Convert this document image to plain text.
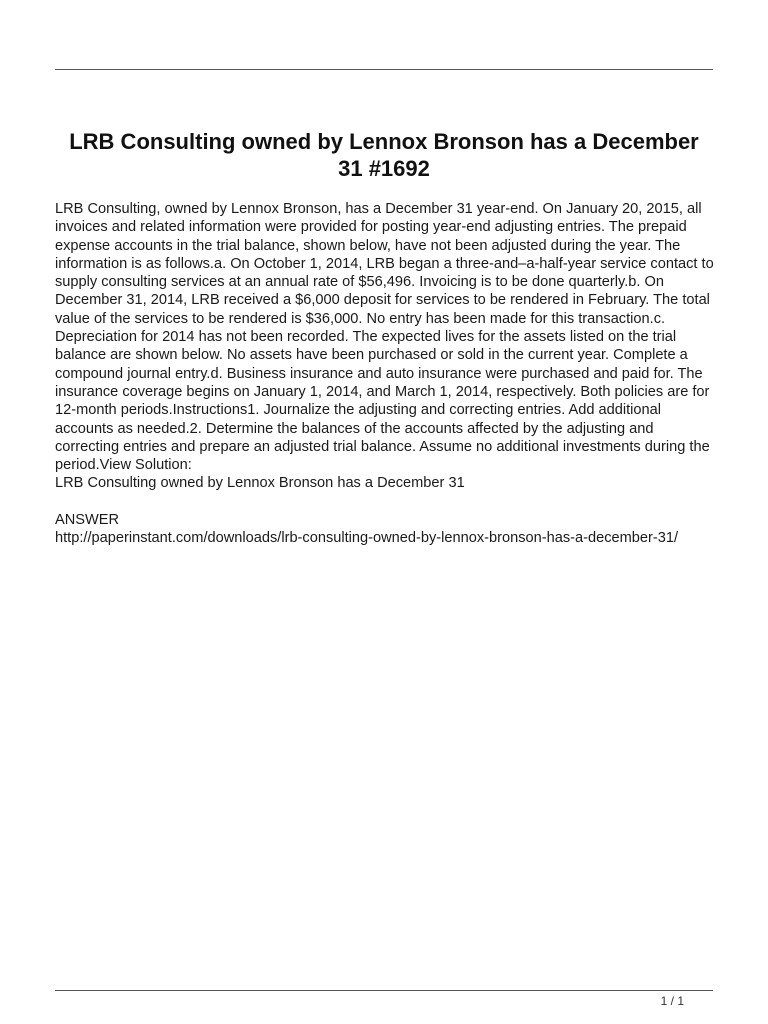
LRB Consulting owned by Lennox Bronson has a December 31 #1692

LRB Consulting, owned by Lennox Bronson, has a December 31 year-end. On January 20, 2015, all invoices and related information were provided for posting year-end adjusting entries. The prepaid expense accounts in the trial balance, shown below, have not been adjusted during the year. The information is as follows.a. On October 1, 2014, LRB began a three-and–a-half-year service contact to supply consulting services at an annual rate of $56,496. Invoicing is to be done quarterly.b. On December 31, 2014, LRB received a $6,000 deposit for services to be rendered in February. The total value of the services to be rendered is $36,000. No entry has been made for this transaction.c. Depreciation for 2014 has not been recorded. The expected lives for the assets listed on the trial balance are shown below. No assets have been purchased or sold in the current year. Complete a compound journal entry.d. Business insurance and auto insurance were purchased and paid for. The insurance coverage begins on January 1, 2014, and March 1, 2014, respectively. Both policies are for 12-month periods.Instructions1. Journalize the adjusting and correcting entries. Add additional accounts as needed.2. Determine the balances of the accounts affected by the adjusting and correcting entries and prepare an adjusted trial balance. Assume no additional investments during the period.View Solution:

LRB Consulting owned by Lennox Bronson has a December 31

ANSWER

http://paperinstant.com/downloads/lrb-consulting-owned-by-lennox-bronson-has-a-december-31/

1 / 1
